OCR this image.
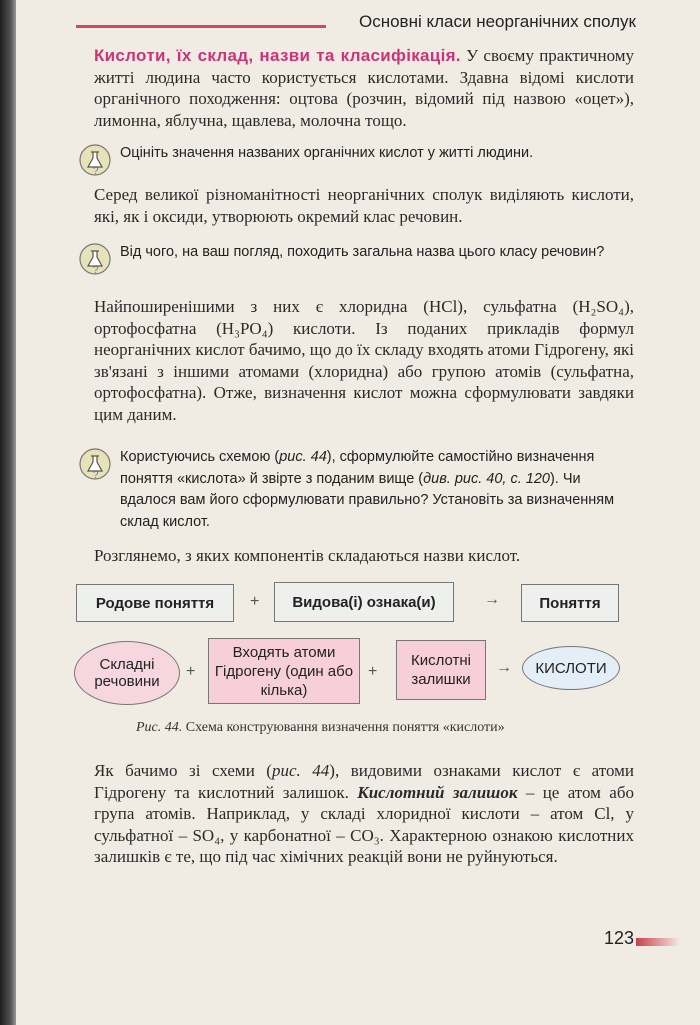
Основні класи неорганічних сполук
Кислоти, їх склад, назви та класифікація. У своєму практичному житті людина часто користується кислотами. Здавна відомі кислоти органічного походження: оцтова (розчин, відомий під назвою «оцет»), лимонна, яблучна, щавлева, молочна тощо.
?
Оцініть значення названих органічних кислот у житті людини.
Серед великої різноманітності неорганічних сполук виділяють кислоти, які, як і оксиди, утворюють окремий клас речовин.
?
Від чого, на ваш погляд, походить загальна назва цього класу речовин?
Найпоширенішими з них є хлоридна (HCl), сульфатна (H₂SO₄), ортофосфатна (H₃PO₄) кислоти. Із поданих прикладів формул неорганічних кислот бачимо, що до їх складу входять атоми Гідрогену, які зв'язані з іншими атомами (хлоридна) або групою атомів (сульфатна, ортофосфатна). Отже, визначення кислот можна сформулювати завдяки цим даним.
?
Користуючись схемою (рис. 44), сформулюйте самостійно визначення поняття «кислота» й звірте з поданим вище (див. рис. 40, с. 120). Чи вдалося вам його сформулювати правильно? Установіть за визначенням склад кислот.
Розглянемо, з яких компонентів складаються назви кислот.
Родове поняття	+	Видова(і) ознака(и)	→	Поняття
Складні речовини
+
Входять атоми Гідрогену (один або кілька)
+
Кислотні залишки
→	КИСЛОТИ
Рис. 44. Схема конструювання визначення поняття «кислоти»
Як бачимо зі схеми (рис. 44), видовими ознаками кислот є атоми Гідрогену та кислотний залишок. Кислотний залишок – це атом або група атомів. Наприклад, у складі хлоридної кислоти – атом Cl, у сульфатної – SO₄, у карбонатної – CO₃. Характерною ознакою кислотних залишків є те, що під час хімічних реакцій вони не руйнуються.
123
